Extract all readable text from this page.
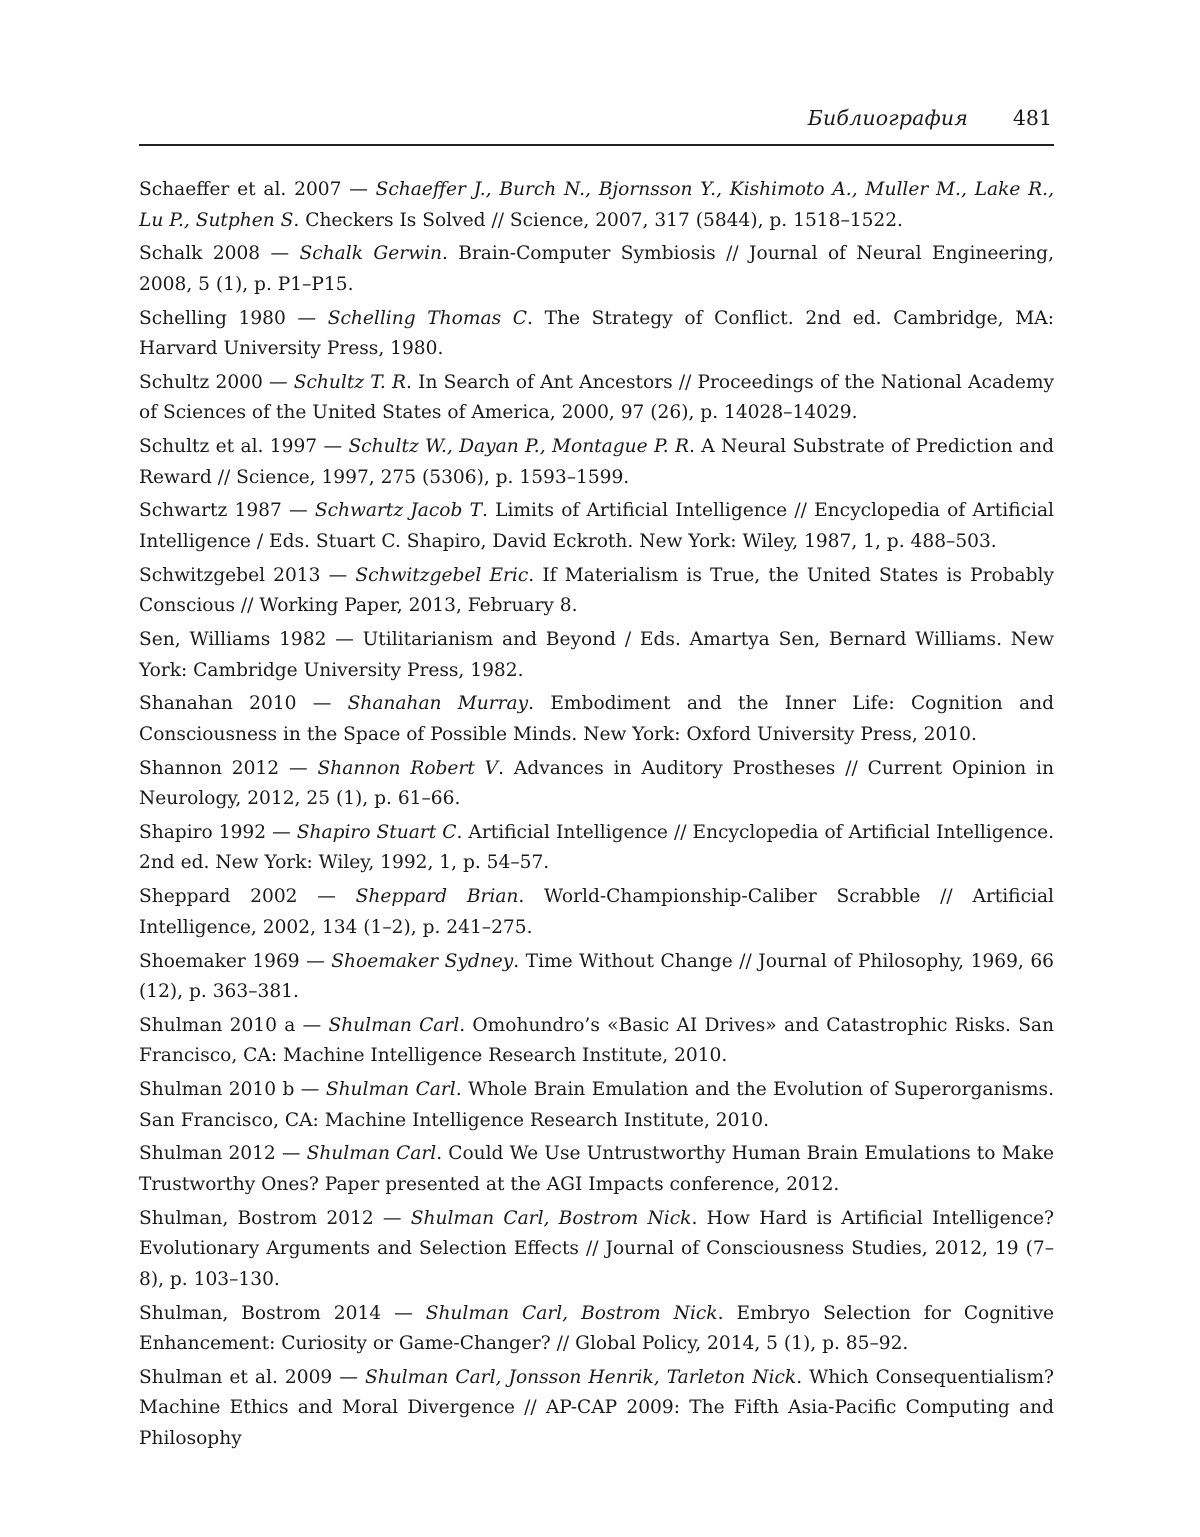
Библиография 481

Schaeffer et al. 2007 — Schaeffer J., Burch N., Bjornsson Y., Kishimoto A., Muller M., Lake R., Lu P., Sutphen S. Checkers Is Solved // Science, 2007, 317 (5844), p. 1518–1522.

Schalk 2008 — Schalk Gerwin. Brain-Computer Symbiosis // Journal of Neural Engineering, 2008, 5 (1), p. P1–P15.

Schelling 1980 — Schelling Thomas C. The Strategy of Conflict. 2nd ed. Cambridge, MA: Harvard University Press, 1980.

Schultz 2000 — Schultz T. R. In Search of Ant Ancestors // Proceedings of the National Academy of Sciences of the United States of America, 2000, 97 (26), p. 14028–14029.

Schultz et al. 1997 — Schultz W., Dayan P., Montague P. R. A Neural Substrate of Prediction and Reward // Science, 1997, 275 (5306), p. 1593–1599.

Schwartz 1987 — Schwartz Jacob T. Limits of Artificial Intelligence // Encyclopedia of Artificial Intelligence / Eds. Stuart C. Shapiro, David Eckroth. New York: Wiley, 1987, 1, p. 488–503.

Schwitzgebel 2013 — Schwitzgebel Eric. If Materialism is True, the United States is Probably Conscious // Working Paper, 2013, February 8.

Sen, Williams 1982 — Utilitarianism and Beyond / Eds. Amartya Sen, Bernard Williams. New York: Cambridge University Press, 1982.

Shanahan 2010 — Shanahan Murray. Embodiment and the Inner Life: Cognition and Consciousness in the Space of Possible Minds. New York: Oxford University Press, 2010.

Shannon 2012 — Shannon Robert V. Advances in Auditory Prostheses // Current Opinion in Neurology, 2012, 25 (1), p. 61–66.

Shapiro 1992 — Shapiro Stuart C. Artificial Intelligence // Encyclopedia of Artificial Intelligence. 2nd ed. New York: Wiley, 1992, 1, p. 54–57.

Sheppard 2002 — Sheppard Brian. World-Championship-Caliber Scrabble // Artificial Intelligence, 2002, 134 (1–2), p. 241–275.

Shoemaker 1969 — Shoemaker Sydney. Time Without Change // Journal of Philosophy, 1969, 66 (12), p. 363–381.

Shulman 2010 a — Shulman Carl. Omohundro’s «Basic AI Drives» and Catastrophic Risks. San Francisco, CA: Machine Intelligence Research Institute, 2010.

Shulman 2010 b — Shulman Carl. Whole Brain Emulation and the Evolution of Superorganisms. San Francisco, CA: Machine Intelligence Research Institute, 2010.

Shulman 2012 — Shulman Carl. Could We Use Untrustworthy Human Brain Emulations to Make Trustworthy Ones? Paper presented at the AGI Impacts conference, 2012.

Shulman, Bostrom 2012 — Shulman Carl, Bostrom Nick. How Hard is Artificial Intelligence? Evolutionary Arguments and Selection Effects // Journal of Consciousness Studies, 2012, 19 (7–8), p. 103–130.

Shulman, Bostrom 2014 — Shulman Carl, Bostrom Nick. Embryo Selection for Cognitive Enhancement: Curiosity or Game-Changer? // Global Policy, 2014, 5 (1), p. 85–92.

Shulman et al. 2009 — Shulman Carl, Jonsson Henrik, Tarleton Nick. Which Consequentialism? Machine Ethics and Moral Divergence // AP-CAP 2009: The Fifth Asia-Pacific Computing and Philosophy
